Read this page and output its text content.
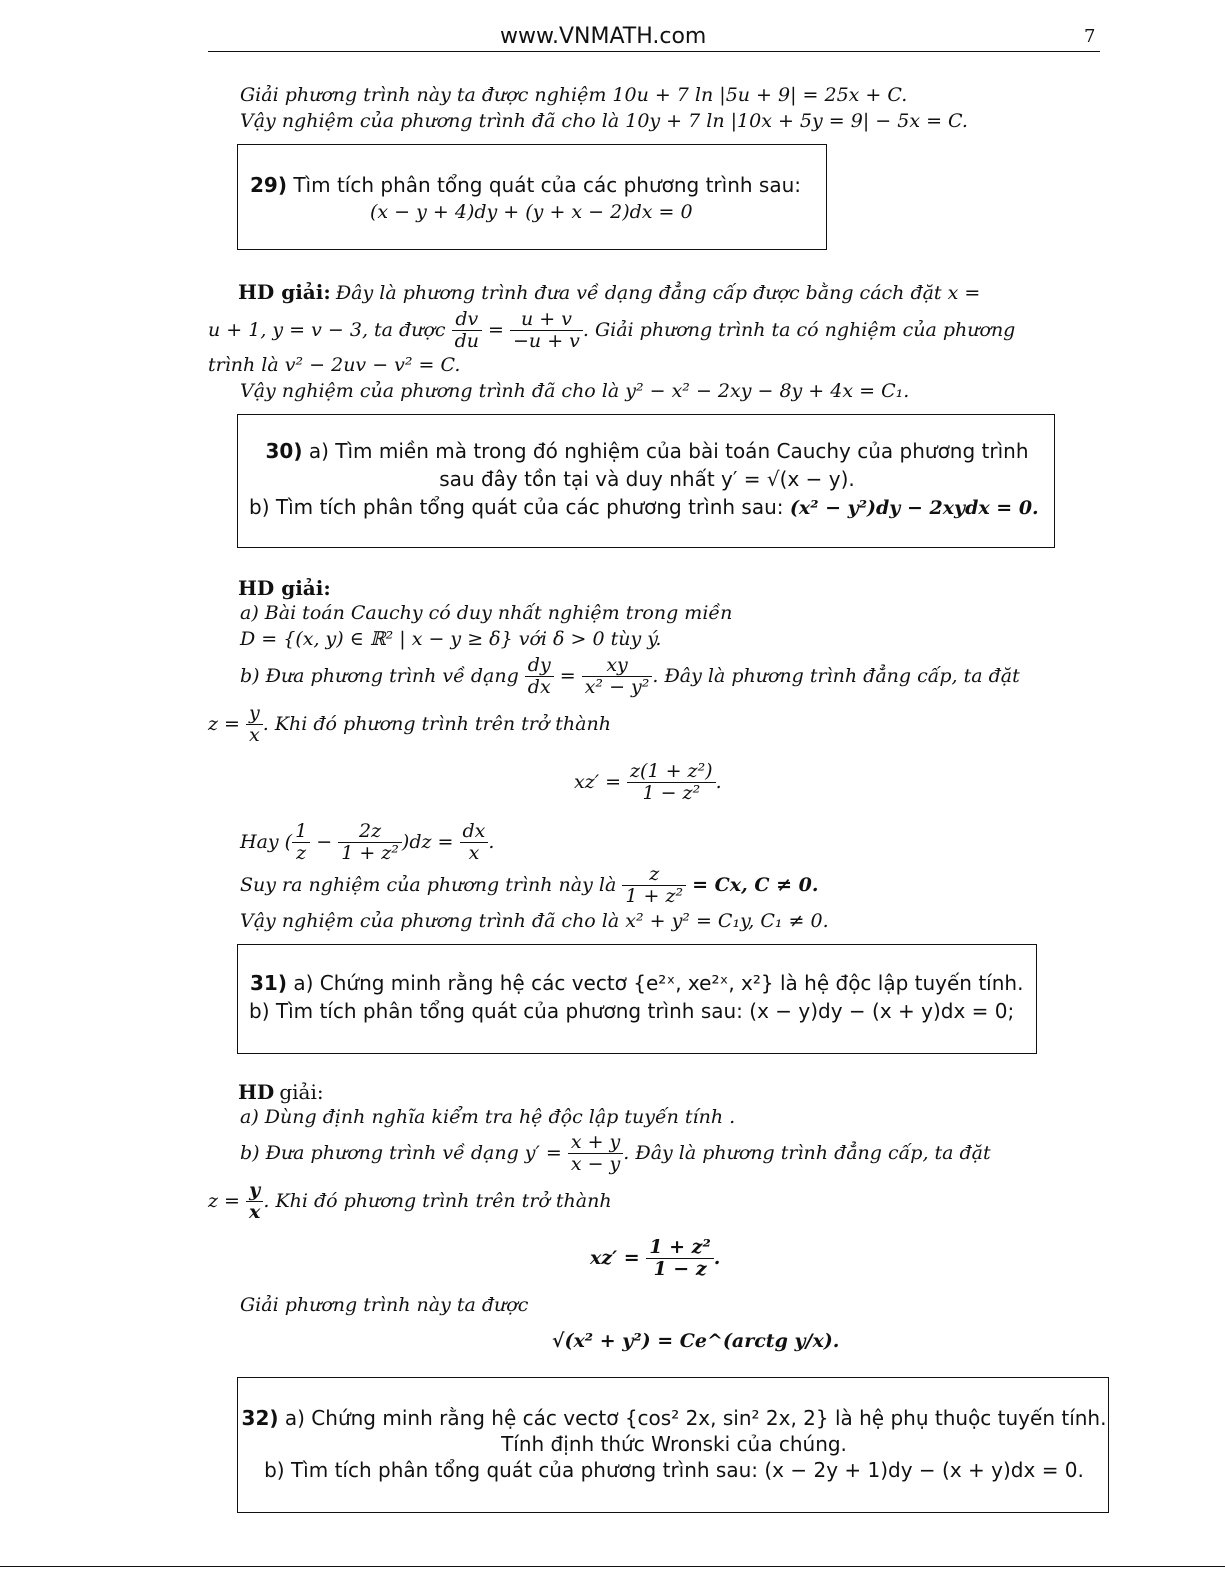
www.VNMATH.com	7
Giải phương trình này ta được nghiệm 10u + 7 ln |5u + 9| = 25x + C.
Vậy nghiệm của phương trình đã cho là 10y + 7 ln |10x + 5y = 9| − 5x = C.
29) Tìm tích phân tổng quát của các phương trình sau:
(x − y + 4)dy + (y + x − 2)dx = 0
HD giải: Đây là phương trình đưa về dạng đẳng cấp được bằng cách đặt x =
u + 1, y = v − 3, ta được
$\frac{dv}{du}$
=
$\frac{u + v}{-u + v}$ . Giải phương trình ta có nghiệm của phương
trình là v² − 2uv − v² = C.
Vậy nghiệm của phương trình đã cho là y² − x² − 2xy − 8y + 4x = C₁.
30) a) Tìm miền mà trong đó nghiệm của bài toán Cauchy của phương trình
sau đây tồn tại và duy nhất y′ = √(x − y).
b) Tìm tích phân tổng quát của các phương trình sau: (x² − y²)dy − 2xydx = 0.
HD giải:
a) Bài toán Cauchy có duy nhất nghiệm trong miền
D = {(x, y) ∈ ℝ² | x − y ≥ δ} với δ > 0 tùy ý.
b) Đưa phương trình về dạng
$\frac{dy}{dx}$
=
$\frac{xy}{\text{x² − y²}}$ . Đây là phương trình đẳng cấp, ta đặt
z =
$\frac{y}{x}$ . Khi đó phương trình trên trở thành
xz′ =
$\frac{\text{z(1 + z²)}}{\text{1 − z²}}$ .
Hay ( $\frac{1}{z}$
−
$\frac{2z}{\text{1 + z²}} )dz$ =
$\frac{dx}{x}$ .
Suy ra nghiệm của phương trình này là
$\frac{z}{\text{1 + z²}}$
= Cx, C ≠ 0.
Vậy nghiệm của phương trình đã cho là x² + y² = C₁y, C₁ ≠ 0.
31) a) Chứng minh rằng hệ các vectơ {e²ˣ, xe²ˣ, x²} là hệ độc lập tuyến tính.
b) Tìm tích phân tổng quát của phương trình sau: (x − y)dy − (x + y)dx = 0;
HD giải:
a) Dùng định nghĩa kiểm tra hệ độc lập tuyến tính .
b) Đưa phương trình về dạng y′ =
$\frac{x + y}{x - y}$ . Đây là phương trình đẳng cấp, ta đặt
z =
$\frac{y}{x}$ . Khi đó phương trình trên trở thành
xz′ =
$\frac{\text{1 + z²}}{1 - z}$ .
Giải phương trình này ta được
√(x² + y²) = Ce^(arctg y/x).
32) a) Chứng minh rằng hệ các vectơ {cos² 2x, sin² 2x, 2} là hệ phụ thuộc tuyến tính.
Tính định thức Wronski của chúng.
b) Tìm tích phân tổng quát của phương trình sau: (x − 2y + 1)dy − (x + y)dx = 0.
